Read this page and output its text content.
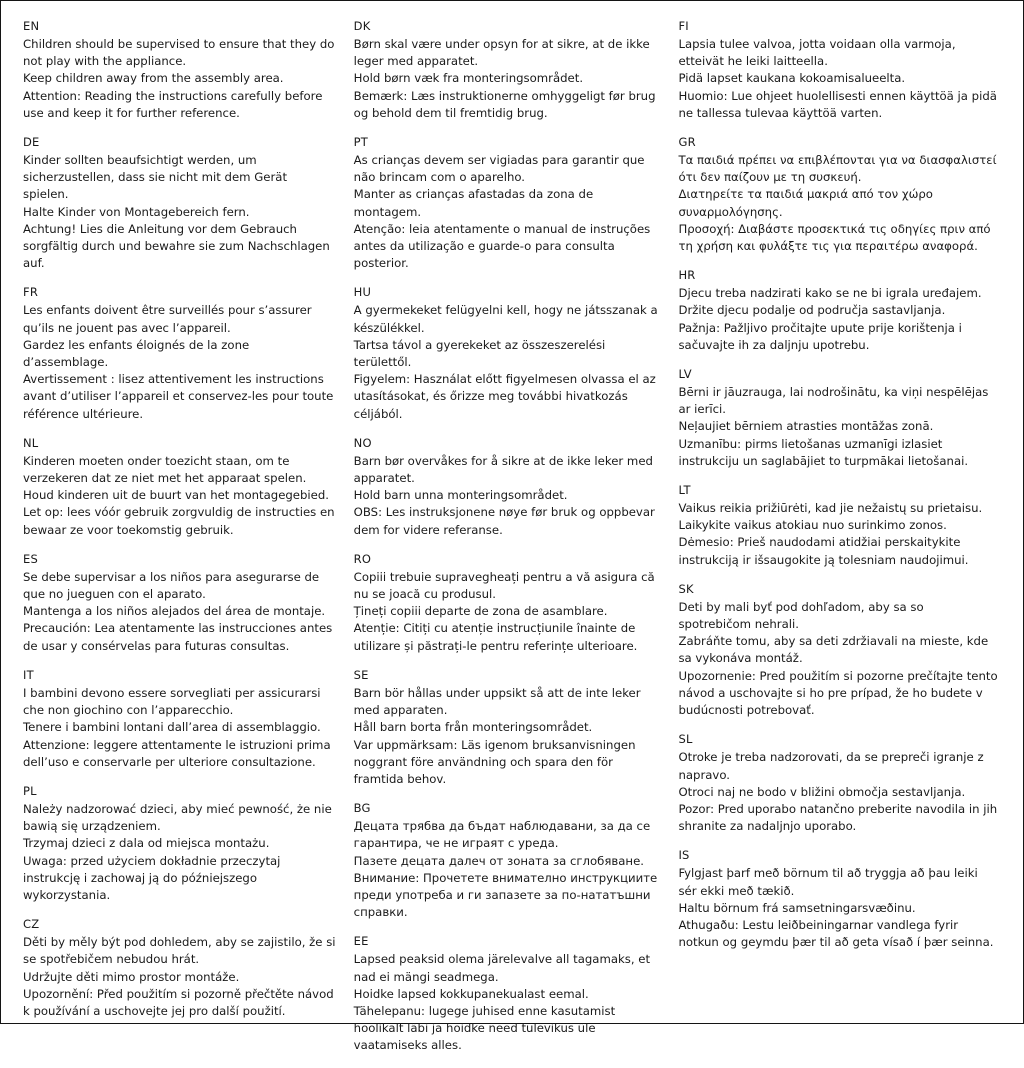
EN

Children should be supervised to ensure that they do not play with the appliance.

Keep children away from the assembly area.

Attention: Reading the instructions carefully before use and keep it for further reference.

DE

Kinder sollten beaufsichtigt werden, um sicherzustellen, dass sie nicht mit dem Gerät spielen.

Halte Kinder von Montagebereich fern.

Achtung! Lies die Anleitung vor dem Gebrauch sorgfältig durch und bewahre sie zum Nachschlagen auf.

FR

Les enfants doivent être surveillés pour s’assurer qu’ils ne jouent pas avec l’appareil.

Gardez les enfants éloignés de la zone d’assemblage.

Avertissement : lisez attentivement les instructions avant d’utiliser l’appareil et conservez-les pour toute référence ultérieure.

NL

Kinderen moeten onder toezicht staan, om te verzekeren dat ze niet met het apparaat spelen.

Houd kinderen uit de buurt van het montagegebied.

Let op: lees vóór gebruik zorgvuldig de instructies en bewaar ze voor toekomstig gebruik.

ES

Se debe supervisar a los niños para asegurarse de que no jueguen con el aparato.

Mantenga a los niños alejados del área de montaje.

Precaución: Lea atentamente las instrucciones antes de usar y consérvelas para futuras consultas.

IT

I bambini devono essere sorvegliati per assicurarsi che non giochino con l’apparecchio.

Tenere i bambini lontani dall’area di assemblaggio.

Attenzione: leggere attentamente le istruzioni prima dell’uso e conservarle per ulteriore consultazione.

PL

Należy nadzorować dzieci, aby mieć pewność, że nie bawią się urządzeniem.

Trzymaj dzieci z dala od miejsca montażu.

Uwaga: przed użyciem dokładnie przeczytaj instrukcję i zachowaj ją do późniejszego wykorzystania.

CZ

Děti by měly být pod dohledem, aby se zajistilo, že si se spotřebičem nebudou hrát.

Udržujte děti mimo prostor montáže.

Upozornění: Před použitím si pozorně přečtěte návod k používání a uschovejte jej pro další použití.

DK

Børn skal være under opsyn for at sikre, at de ikke leger med apparatet.

Hold børn væk fra monteringsområdet.

Bemærk: Læs instruktionerne omhyggeligt før brug og behold dem til fremtidig brug.

PT

As crianças devem ser vigiadas para garantir que não brincam com o aparelho.

Manter as crianças afastadas da zona de montagem.

Atenção: leia atentamente o manual de instruções antes da utilização e guarde-o para consulta posterior.

HU

A gyermekeket felügyelni kell, hogy ne játsszanak a készülékkel.

Tartsa távol a gyerekeket az összeszerelési területtől.

Figyelem: Használat előtt figyelmesen olvassa el az utasításokat, és őrizze meg további hivatkozás céljából.

NO

Barn bør overvåkes for å sikre at de ikke leker med apparatet.

Hold barn unna monteringsområdet.

OBS: Les instruksjonene nøye før bruk og oppbevar dem for videre referanse.

RO

Copiii trebuie supravegheați pentru a vă asigura că nu se joacă cu produsul.

Țineți copiii departe de zona de asamblare.

Atenție: Citiți cu atenție instrucțiunile înainte de utilizare și păstrați-le pentru referințe ulterioare.

SE

Barn bör hållas under uppsikt så att de inte leker med apparaten.

Håll barn borta från monteringsområdet.

Var uppmärksam: Läs igenom bruksanvisningen noggrant före användning och spara den för framtida behov.

BG

Децата трябва да бъдат наблюдавани, за да се гарантира, че не играят с уреда.

Пазете децата далеч от зоната за сглобяване.

Внимание: Прочетете внимателно инструкциите преди употреба и ги запазете за по-нататъшни справки.

EE

Lapsed peaksid olema järelevalve all tagamaks, et nad ei mängi seadmega.

Hoidke lapsed kokkupanekualast eemal.

Tähelepanu: lugege juhised enne kasutamist hoolikalt läbi ja hoidke need tulevikus üle vaatamiseks alles.

FI

Lapsia tulee valvoa, jotta voidaan olla varmoja, etteivät he leiki laitteella.

Pidä lapset kaukana kokoamisalueelta.

Huomio: Lue ohjeet huolellisesti ennen käyttöä ja pidä ne tallessa tulevaa käyttöä varten.

GR

Τα παιδιά πρέπει να επιβλέπονται για να διασφαλιστεί ότι δεν παίζουν με τη συσκευή.

Διατηρείτε τα παιδιά μακριά από τον χώρο συναρμολόγησης.

Προσοχή: Διαβάστε προσεκτικά τις οδηγίες πριν από τη χρήση και φυλάξτε τις για περαιτέρω αναφορά.

HR

Djecu treba nadzirati kako se ne bi igrala uređajem.

Držite djecu podalje od područja sastavljanja.

Pažnja: Pažljivo pročitajte upute prije korištenja i sačuvajte ih za daljnju upotrebu.

LV

Bērni ir jāuzrauga, lai nodrošinātu, ka viņi nespēlējas ar ierīci.

Neļaujiet bērniem atrasties montāžas zonā.

Uzmanību: pirms lietošanas uzmanīgi izlasiet instrukciju un saglabājiet to turpmākai lietošanai.

LT

Vaikus reikia prižiūrėti, kad jie nežaistų su prietaisu.

Laikykite vaikus atokiau nuo surinkimo zonos.

Dėmesio: Prieš naudodami atidžiai perskaitykite instrukciją ir išsaugokite ją tolesniam naudojimui.

SK

Deti by mali byť pod dohľadom, aby sa so spotrebičom nehrali.

Zabráňte tomu, aby sa deti zdržiavali na mieste, kde sa vykonáva montáž.

Upozornenie: Pred použitím si pozorne prečítajte tento návod a uschovajte si ho pre prípad, že ho budete v budúcnosti potrebovať.

SL

Otroke je treba nadzorovati, da se prepreči igranje z napravo.

Otroci naj ne bodo v bližini območja sestavljanja.

Pozor: Pred uporabo natančno preberite navodila in jih shranite za nadaljnjo uporabo.

IS

Fylgjast þarf með börnum til að tryggja að þau leiki sér ekki með tækið.

Haltu börnum frá samsetningarsvæðinu.

Athugaðu: Lestu leiðbeiningarnar vandlega fyrir notkun og geymdu þær til að geta vísað í þær seinna.
